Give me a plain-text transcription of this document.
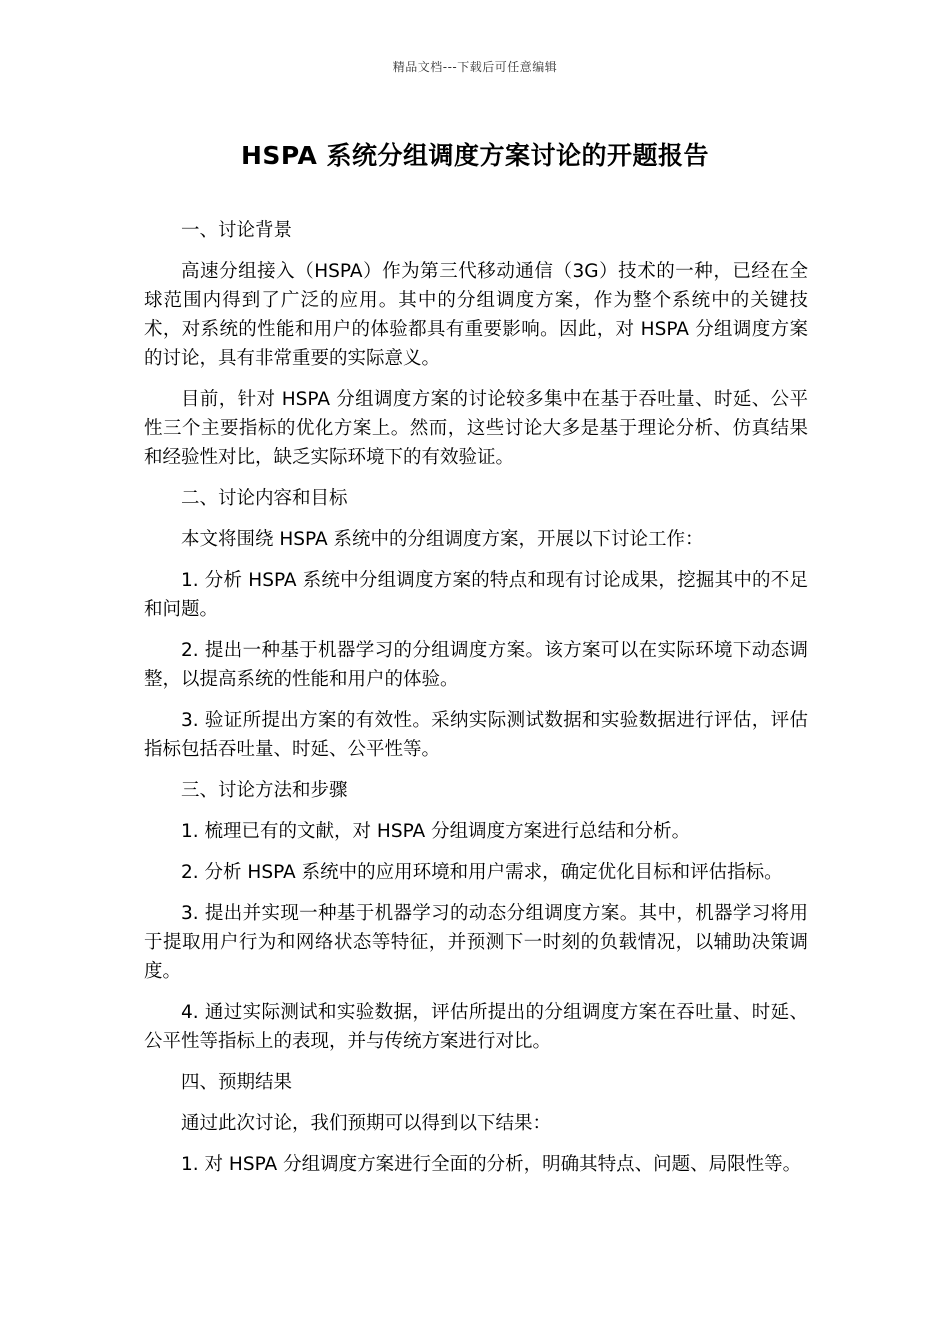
精品文档---下载后可任意编辑
HSPA 系统分组调度方案讨论的开题报告

一、讨论背景

高速分组接入（HSPA）作为第三代移动通信（3G）技术的一种，已经在全球范围内得到了广泛的应用。其中的分组调度方案，作为整个系统中的关键技术，对系统的性能和用户的体验都具有重要影响。因此，对 HSPA 分组调度方案的讨论，具有非常重要的实际意义。

目前，针对 HSPA 分组调度方案的讨论较多集中在基于吞吐量、时延、公平性三个主要指标的优化方案上。然而，这些讨论大多是基于理论分析、仿真结果和经验性对比，缺乏实际环境下的有效验证。

二、讨论内容和目标

本文将围绕 HSPA 系统中的分组调度方案，开展以下讨论工作：

1. 分析 HSPA 系统中分组调度方案的特点和现有讨论成果，挖掘其中的不足和问题。

2. 提出一种基于机器学习的分组调度方案。该方案可以在实际环境下动态调整，以提高系统的性能和用户的体验。

3. 验证所提出方案的有效性。采纳实际测试数据和实验数据进行评估，评估指标包括吞吐量、时延、公平性等。

三、讨论方法和步骤

1. 梳理已有的文献，对 HSPA 分组调度方案进行总结和分析。

2. 分析 HSPA 系统中的应用环境和用户需求，确定优化目标和评估指标。

3. 提出并实现一种基于机器学习的动态分组调度方案。其中，机器学习将用于提取用户行为和网络状态等特征，并预测下一时刻的负载情况，以辅助决策调度。

4. 通过实际测试和实验数据，评估所提出的分组调度方案在吞吐量、时延、公平性等指标上的表现，并与传统方案进行对比。

四、预期结果

通过此次讨论，我们预期可以得到以下结果：

1. 对 HSPA 分组调度方案进行全面的分析，明确其特点、问题、局限性等。
